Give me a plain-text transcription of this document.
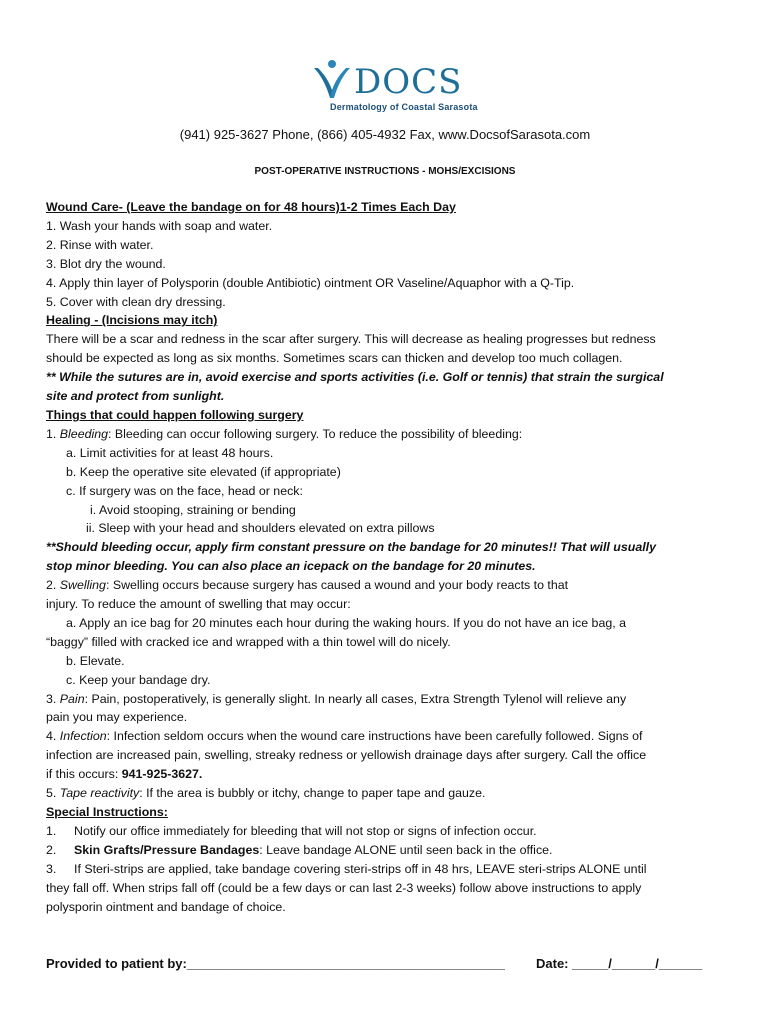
DOCS
Dermatology of Coastal Sarasota
(941) 925-3627 Phone, (866) 405-4932 Fax, www.DocsofSarasota.com
POST-OPERATIVE INSTRUCTIONS - MOHS/EXCISIONS
Wound Care- (Leave the bandage on for 48 hours)1-2 Times Each Day
1. Wash your hands with soap and water.
2. Rinse with water.
3. Blot dry the wound.
4. Apply thin layer of Polysporin (double Antibiotic) ointment OR Vaseline/Aquaphor with a Q-Tip.
5. Cover with clean dry dressing.
Healing - (Incisions may itch)
There will be a scar and redness in the scar after surgery. This will decrease as healing progresses but redness
should be expected as long as six months. Sometimes scars can thicken and develop too much collagen.
** While the sutures are in, avoid exercise and sports activities (i.e. Golf or tennis) that strain the surgical
site and protect from sunlight.
Things that could happen following surgery
1. Bleeding: Bleeding can occur following surgery. To reduce the possibility of bleeding:
a. Limit activities for at least 48 hours.
b. Keep the operative site elevated (if appropriate)
c. If surgery was on the face, head or neck:
i. Avoid stooping, straining or bending
ii. Sleep with your head and shoulders elevated on extra pillows
**Should bleeding occur, apply firm constant pressure on the bandage for 20 minutes!! That will usually
stop minor bleeding. You can also place an icepack on the bandage for 20 minutes.
2. Swelling: Swelling occurs because surgery has caused a wound and your body reacts to that
injury. To reduce the amount of swelling that may occur:
a. Apply an ice bag for 20 minutes each hour during the waking hours. If you do not have an ice bag, a
“baggy” filled with cracked ice and wrapped with a thin towel will do nicely.
b. Elevate.
c. Keep your bandage dry.
3. Pain: Pain, postoperatively, is generally slight. In nearly all cases, Extra Strength Tylenol will relieve any
pain you may experience.
4. Infection: Infection seldom occurs when the wound care instructions have been carefully followed. Signs of
infection are increased pain, swelling, streaky redness or yellowish drainage days after surgery. Call the office
if this occurs: 941-925-3627.
5. Tape reactivity: If the area is bubbly or itchy, change to paper tape and gauze.
Special Instructions:
1. Notify our office immediately for bleeding that will not stop or signs of infection occur.
2. Skin Grafts/Pressure Bandages: Leave bandage ALONE until seen back in the office.
3. If Steri-strips are applied, take bandage covering steri-strips off in 48 hrs, LEAVE steri-strips ALONE until
they fall off. When strips fall off (could be a few days or can last 2-3 weeks) follow above instructions to apply
polysporin ointment and bandage of choice.
Provided to patient by:____________________________________________ Date: _____/______/______
